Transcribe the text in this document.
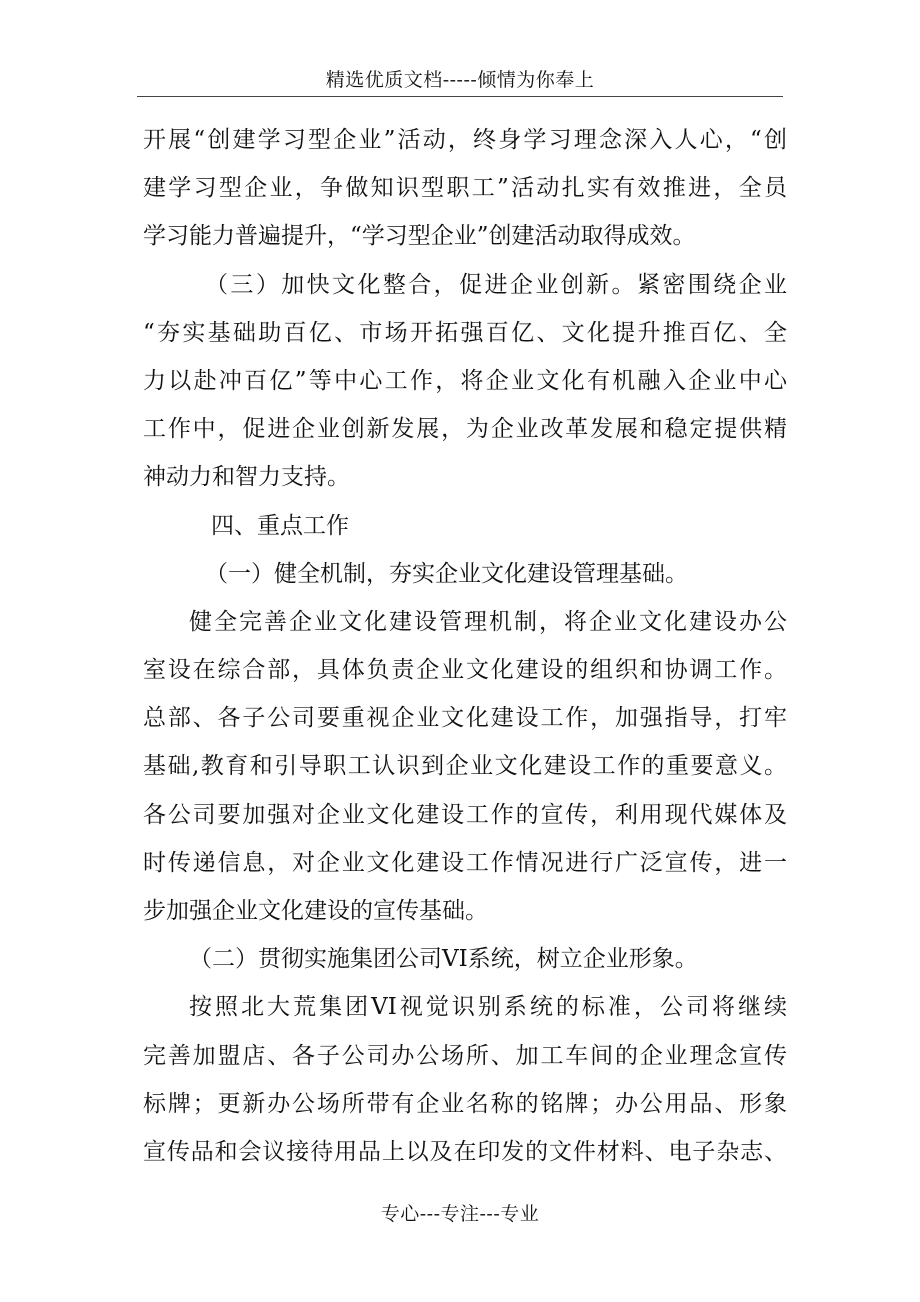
精选优质文档-----倾情为你奉上
开展“创建学习型企业”活动，终身学习理念深入人心，“创
建学习型企业，争做知识型职工”活动扎实有效推进，全员
学习能力普遍提升，“学习型企业”创建活动取得成效。
（三）加快文化整合，促进企业创新。紧密围绕企业
“夯实基础助百亿、市场开拓强百亿、文化提升推百亿、全
力以赴冲百亿”等中心工作，将企业文化有机融入企业中心
工作中，促进企业创新发展，为企业改革发展和稳定提供精
神动力和智力支持。
四、重点工作
（一）健全机制，夯实企业文化建设管理基础。
健全完善企业文化建设管理机制，将企业文化建设办公
室设在综合部，具体负责企业文化建设的组织和协调工作。
总部、各子公司要重视企业文化建设工作，加强指导，打牢
基础,教育和引导职工认识到企业文化建设工作的重要意义。
各公司要加强对企业文化建设工作的宣传，利用现代媒体及
时传递信息，对企业文化建设工作情况进行广泛宣传，进一
步加强企业文化建设的宣传基础。
（二）贯彻实施集团公司VI系统，树立企业形象。
按照北大荒集团VI视觉识别系统的标准，公司将继续
完善加盟店、各子公司办公场所、加工车间的企业理念宣传
标牌；更新办公场所带有企业名称的铭牌；办公用品、形象
宣传品和会议接待用品上以及在印发的文件材料、电子杂志、
专心---专注---专业
